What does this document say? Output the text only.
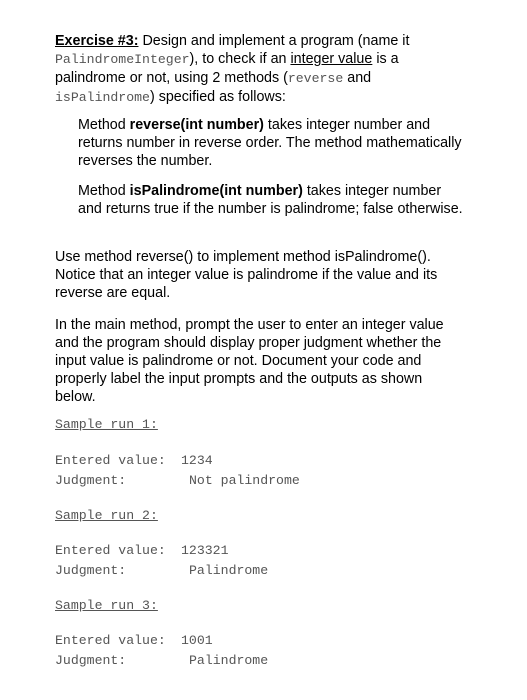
Exercise #3: Design and implement a program (name it PalindromeInteger), to check if an integer value is a palindrome or not, using 2 methods (reverse and isPalindrome) specified as follows:
Method reverse(int number) takes integer number and returns number in reverse order. The method mathematically reverses the number.
Method isPalindrome(int number) takes integer number and returns true if the number is palindrome; false otherwise.
Use method reverse() to implement method isPalindrome(). Notice that an integer value is palindrome if the value and its reverse are equal.
In the main method, prompt the user to enter an integer value and the program should display proper judgment whether the input value is palindrome or not. Document your code and properly label the input prompts and the outputs as shown below.
Sample run 1:
Entered value: 1234
Judgment:	Not palindrome
Sample run 2:
Entered value: 123321
Judgment:	Palindrome
Sample run 3:
Entered value: 1001
Judgment:	Palindrome
